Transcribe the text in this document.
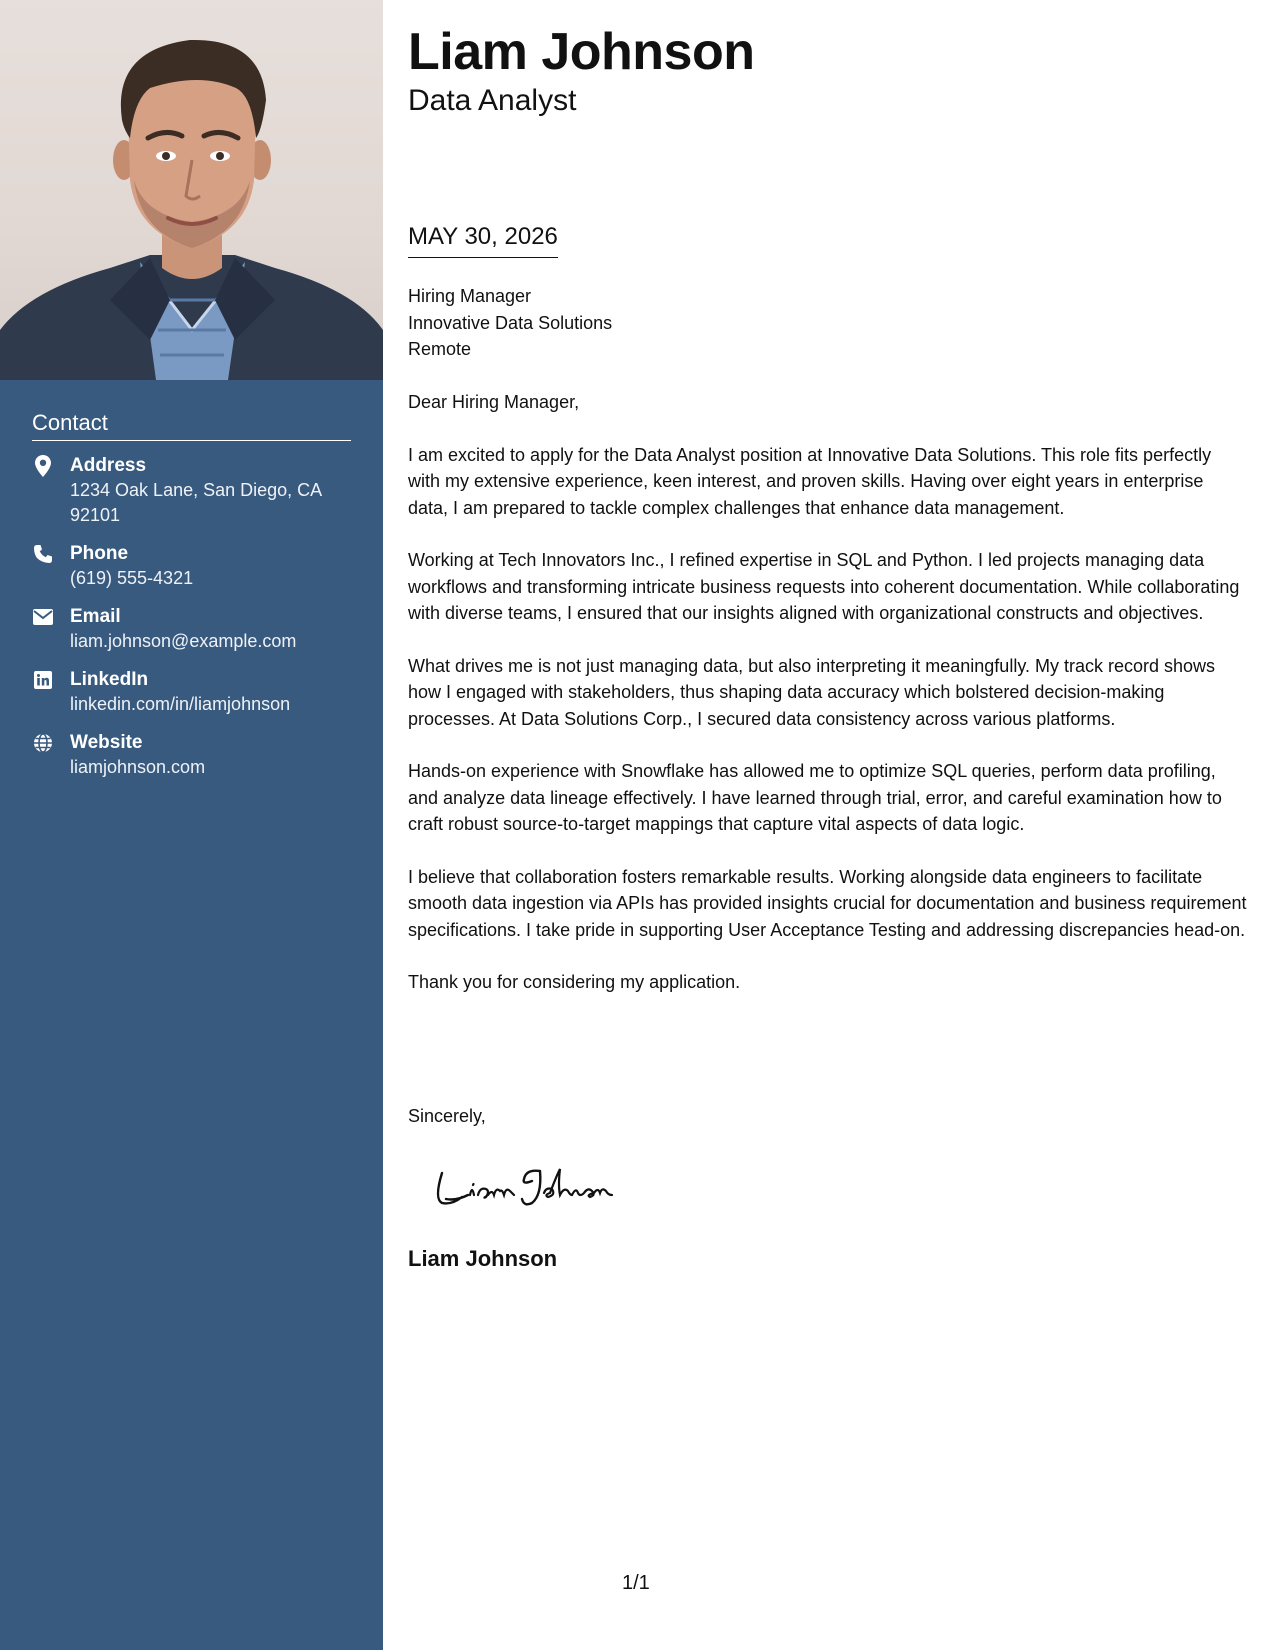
Contact
Address
1234 Oak Lane, San Diego, CA 92101
Phone
(619) 555-4321
Email
liam.johnson@example.com
LinkedIn
linkedin.com/in/liamjohnson
Website
liamjohnson.com
Liam Johnson
Data Analyst
MAY 30, 2026
Hiring Manager
Innovative Data Solutions
Remote

Dear Hiring Manager,

I am excited to apply for the Data Analyst position at Innovative Data Solutions. This role fits perfectly with my extensive experience, keen interest, and proven skills. Having over eight years in enterprise data, I am prepared to tackle complex challenges that enhance data management.

Working at Tech Innovators Inc., I refined expertise in SQL and Python. I led projects managing data workflows and transforming intricate business requests into coherent documentation. While collaborating with diverse teams, I ensured that our insights aligned with organizational constructs and objectives.

What drives me is not just managing data, but also interpreting it meaningfully. My track record shows how I engaged with stakeholders, thus shaping data accuracy which bolstered decision-making processes. At Data Solutions Corp., I secured data consistency across various platforms.

Hands-on experience with Snowflake has allowed me to optimize SQL queries, perform data profiling, and analyze data lineage effectively. I have learned through trial, error, and careful examination how to craft robust source-to-target mappings that capture vital aspects of data logic.

I believe that collaboration fosters remarkable results. Working alongside data engineers to facilitate smooth data ingestion via APIs has provided insights crucial for documentation and business requirement specifications. I take pride in supporting User Acceptance Testing and addressing discrepancies head-on.

Thank you for considering my application.

Sincerely,
Liam Johnson
1/1
